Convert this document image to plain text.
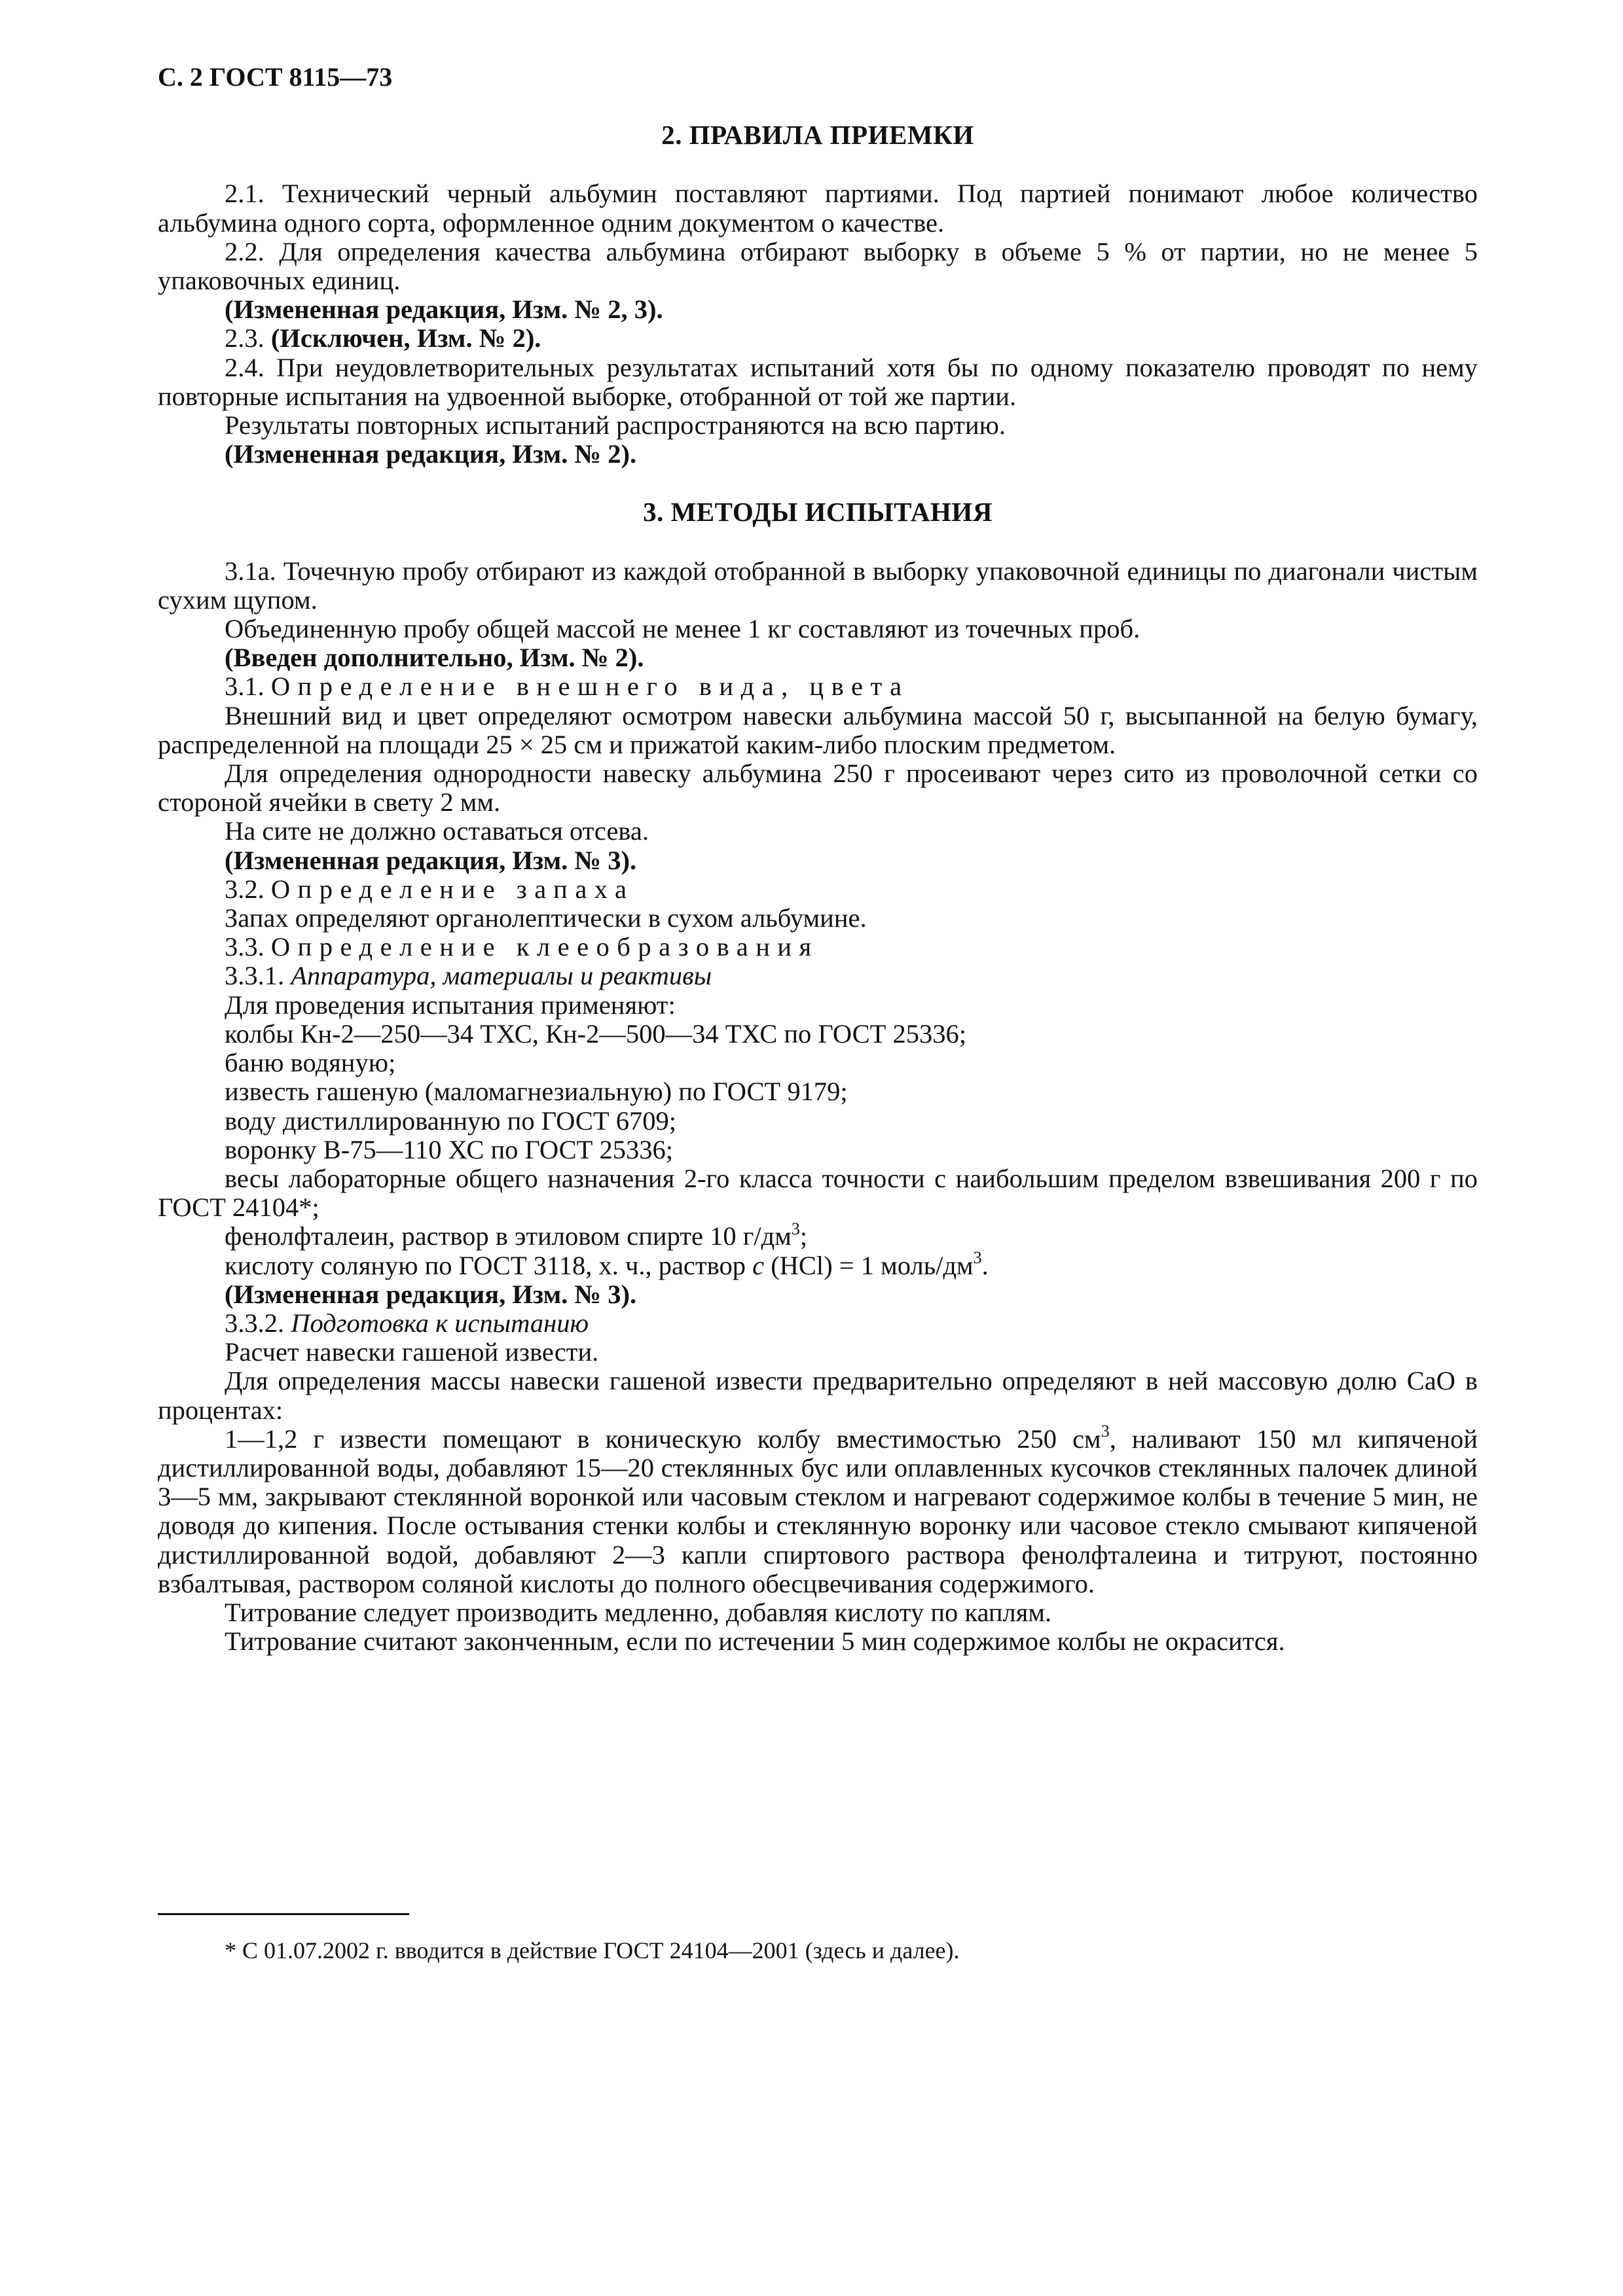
С. 2 ГОСТ 8115—73
2. ПРАВИЛА ПРИЕМКИ

2.1. Технический черный альбумин поставляют партиями. Под партией понимают любое количество альбумина одного сорта, оформленное одним документом о качестве.

2.2. Для определения качества альбумина отбирают выборку в объеме 5 % от партии, но не менее 5 упаковочных единиц.

(Измененная редакция, Изм. № 2, 3).

2.3. (Исключен, Изм. № 2).

2.4. При неудовлетворительных результатах испытаний хотя бы по одному показателю проводят по нему повторные испытания на удвоенной выборке, отобранной от той же партии.

Результаты повторных испытаний распространяются на всю партию.

(Измененная редакция, Изм. № 2).

3. МЕТОДЫ ИСПЫТАНИЯ

3.1а. Точечную пробу отбирают из каждой отобранной в выборку упаковочной единицы по диагонали чистым сухим щупом.

Объединенную пробу общей массой не менее 1 кг составляют из точечных проб.

(Введен дополнительно, Изм. № 2).

3.1. Определение внешнего вида, цвета

Внешний вид и цвет определяют осмотром навески альбумина массой 50 г, высыпанной на белую бумагу, распределенной на площади 25 × 25 см и прижатой каким-либо плоским предметом.

Для определения однородности навеску альбумина 250 г просеивают через сито из проволочной сетки со стороной ячейки в свету 2 мм.

На сите не должно оставаться отсева.

(Измененная редакция, Изм. № 3).

3.2. Определение запаха

Запах определяют органолептически в сухом альбумине.

3.3. Определение клееобразования

3.3.1. Аппаратура, материалы и реактивы

Для проведения испытания применяют:

колбы Кн-2—250—34 ТХС, Кн-2—500—34 ТХС по ГОСТ 25336;

баню водяную;

известь гашеную (маломагнезиальную) по ГОСТ 9179;

воду дистиллированную по ГОСТ 6709;

воронку В-75—110 ХС по ГОСТ 25336;

весы лабораторные общего назначения 2-го класса точности с наибольшим пределом взвешивания 200 г по ГОСТ 24104*;

фенолфталеин, раствор в этиловом спирте 10 $г/дм^3$;

кислоту соляную по ГОСТ 3118, х. ч., раствор с (HCl) = 1 моль/$дм^3$.

(Измененная редакция, Изм. № 3).

3.3.2. Подготовка к испытанию

Расчет навески гашеной извести.

Для определения массы навески гашеной извести предварительно определяют в ней массовую долю CaO в процентах:

1—1,2 г извести помещают в коническую колбу вместимостью 250 $см^3$, наливают 150 мл кипяченой дистиллированной воды, добавляют 15—20 стеклянных бус или оплавленных кусочков стеклянных палочек длиной 3—5 мм, закрывают стеклянной воронкой или часовым стеклом и нагревают содержимое колбы в течение 5 мин, не доводя до кипения. После остывания стенки колбы и стеклянную воронку или часовое стекло смывают кипяченой дистиллированной водой, добавляют 2—3 капли спиртового раствора фенолфталеина и титруют, постоянно взбалтывая, раствором соляной кислоты до полного обесцвечивания содержимого.

Титрование следует производить медленно, добавляя кислоту по каплям.

Титрование считают законченным, если по истечении 5 мин содержимое колбы не окрасится.

* С 01.07.2002 г. вводится в действие ГОСТ 24104—2001 (здесь и далее).
